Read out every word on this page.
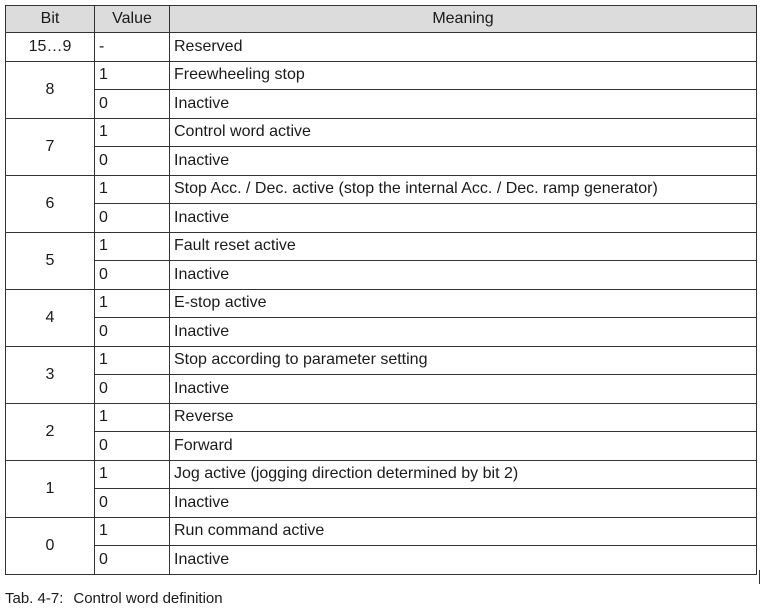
Bit	Value	Meaning
15…9	-	Reserved
8	1	Freewheeling stop
	0	Inactive
7	1	Control word active
	0	Inactive
6	1	Stop Acc. / Dec. active (stop the internal Acc. / Dec. ramp generator)
	0	Inactive
5	1	Fault reset active
	0	Inactive
4	1	E-stop active
	0	Inactive
3	1	Stop according to parameter setting
	0	Inactive
2	1	Reverse
	0	Forward
1	1	Jog active (jogging direction determined by bit 2)
	0	Inactive
0	1	Run command active
	0	Inactive
Tab. 4-7: Control word definition
